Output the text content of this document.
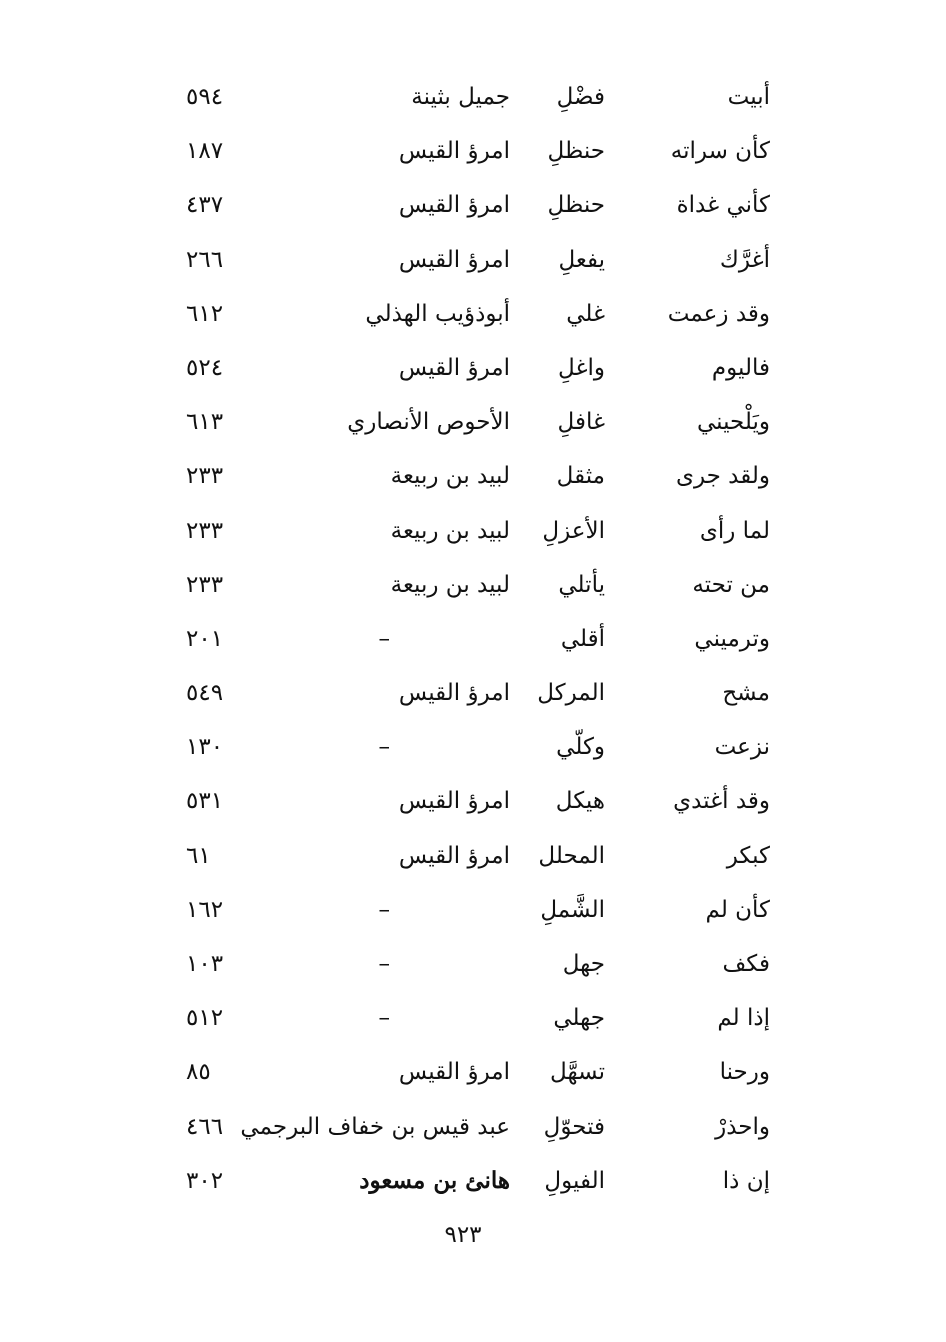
أبيت
فضْلِ
جميل بثينة
٥٩٤
كأن سراته
حنظلِ
امرؤ القيس
١٨٧
كأني غداة
حنظلِ
امرؤ القيس
٤٣٧
أغرَّك
يفعلِ
امرؤ القيس
٢٦٦
وقد زعمت
غلي
أبوذؤيب الهذلي
٦١٢
فاليوم
واغلِ
امرؤ القيس
٥٢٤
ويَلْحيني
غافلِ
الأحوص الأنصاري
٦١٣
ولقد جرى
مثقل
لبيد بن ربيعة
٢٣٣
لما رأى
الأعزلِ
لبيد بن ربيعة
٢٣٣
من تحته
يأتلي
لبيد بن ربيعة
٢٣٣
وترميني
أقلي
–
٢٠١
مشح
المركل
امرؤ القيس
٥٤٩
نزعت
وكلّي
–
١٣٠
وقد أغتدي
هيكل
امرؤ القيس
٥٣١
كبكر
المحلل
امرؤ القيس
٦١
كأن لم
الشَّملِ
–
١٦٢
فكف
جهل
–
١٠٣
إذا لم
جهلي
–
٥١٢
ورحنا
تسهَّل
امرؤ القيس
٨٥
واحذرْ
فتحوّلِ
عبد قيس بن خفاف البرجمي
٤٦٦
إن ذا
الفيولِ
هانئ بن مسعود
٣٠٢
٩٢٣
